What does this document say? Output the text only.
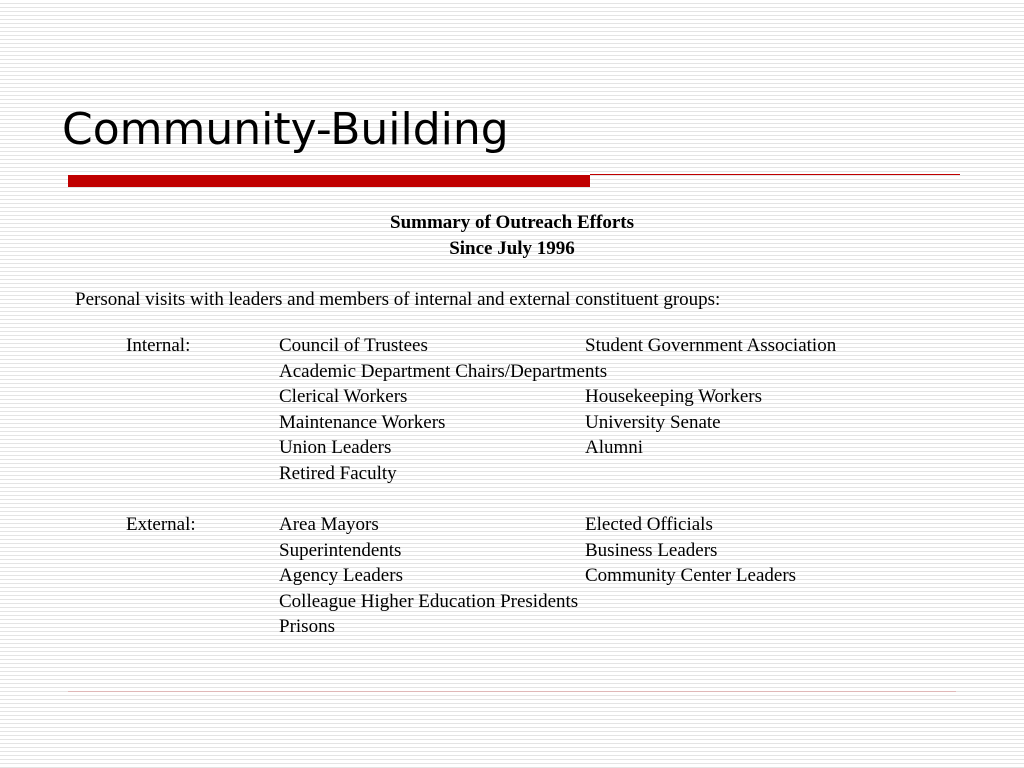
Community-Building
Summary of Outreach Efforts
Since July 1996
Personal visits with leaders and members of internal and external constituent groups:
Internal:	Council of Trustees	Student Government Association
Academic Department Chairs/Departments
Clerical Workers	Housekeeping Workers
Maintenance Workers	University Senate
Union Leaders	Alumni
Retired Faculty
External:	Area Mayors	Elected Officials
Superintendents	Business Leaders
Agency Leaders	Community Center Leaders
Colleague Higher Education Presidents
Prisons
